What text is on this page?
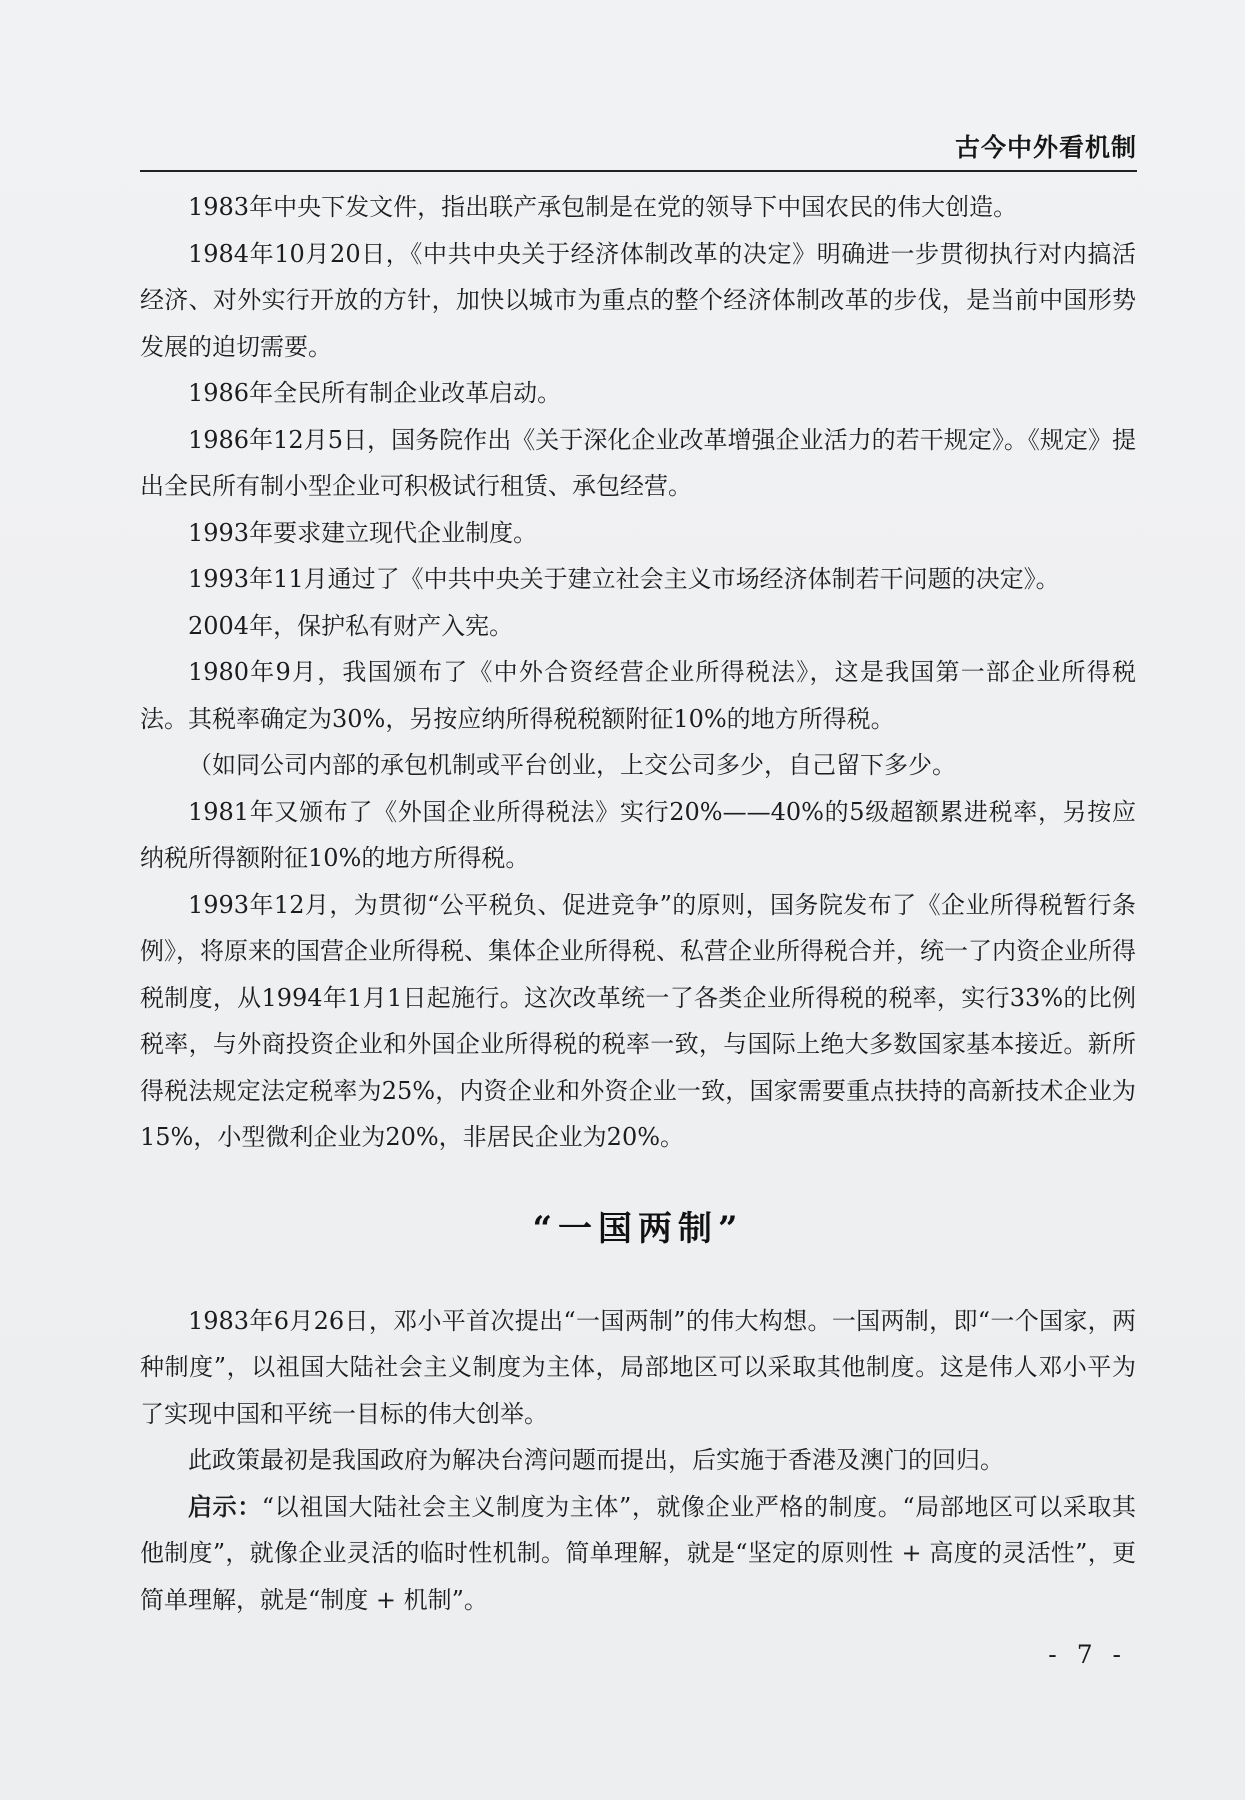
古今中外看机制

1983年中央下发文件，指出联产承包制是在党的领导下中国农民的伟大创造。

1984年10月20日，《中共中央关于经济体制改革的决定》明确进一步贯彻执行对内搞活经济、对外实行开放的方针，加快以城市为重点的整个经济体制改革的步伐，是当前中国形势发展的迫切需要。

1986年全民所有制企业改革启动。

1986年12月5日，国务院作出《关于深化企业改革增强企业活力的若干规定》。《规定》提出全民所有制小型企业可积极试行租赁、承包经营。

1993年要求建立现代企业制度。

1993年11月通过了《中共中央关于建立社会主义市场经济体制若干问题的决定》。

2004年，保护私有财产入宪。

1980年9月，我国颁布了《中外合资经营企业所得税法》，这是我国第一部企业所得税法。其税率确定为30%，另按应纳所得税税额附征10%的地方所得税。

（如同公司内部的承包机制或平台创业，上交公司多少，自己留下多少。

1981年又颁布了《外国企业所得税法》实行20%——40%的5级超额累进税率，另按应纳税所得额附征10%的地方所得税。

1993年12月，为贯彻“公平税负、促进竞争”的原则，国务院发布了《企业所得税暂行条例》，将原来的国营企业所得税、集体企业所得税、私营企业所得税合并，统一了内资企业所得税制度，从1994年1月1日起施行。这次改革统一了各类企业所得税的税率，实行33%的比例税率，与外商投资企业和外国企业所得税的税率一致，与国际上绝大多数国家基本接近。新所得税法规定法定税率为25%，内资企业和外资企业一致，国家需要重点扶持的高新技术企业为15%，小型微利企业为20%，非居民企业为20%。

“一国两制”

1983年6月26日，邓小平首次提出“一国两制”的伟大构想。一国两制，即“一个国家，两种制度”，以祖国大陆社会主义制度为主体，局部地区可以采取其他制度。这是伟人邓小平为了实现中国和平统一目标的伟大创举。

此政策最初是我国政府为解决台湾问题而提出，后实施于香港及澳门的回归。

启示：“以祖国大陆社会主义制度为主体”，就像企业严格的制度。“局部地区可以采取其他制度”，就像企业灵活的临时性机制。简单理解，就是“坚定的原则性 + 高度的灵活性”，更简单理解，就是“制度 + 机制”。

- 7 -
